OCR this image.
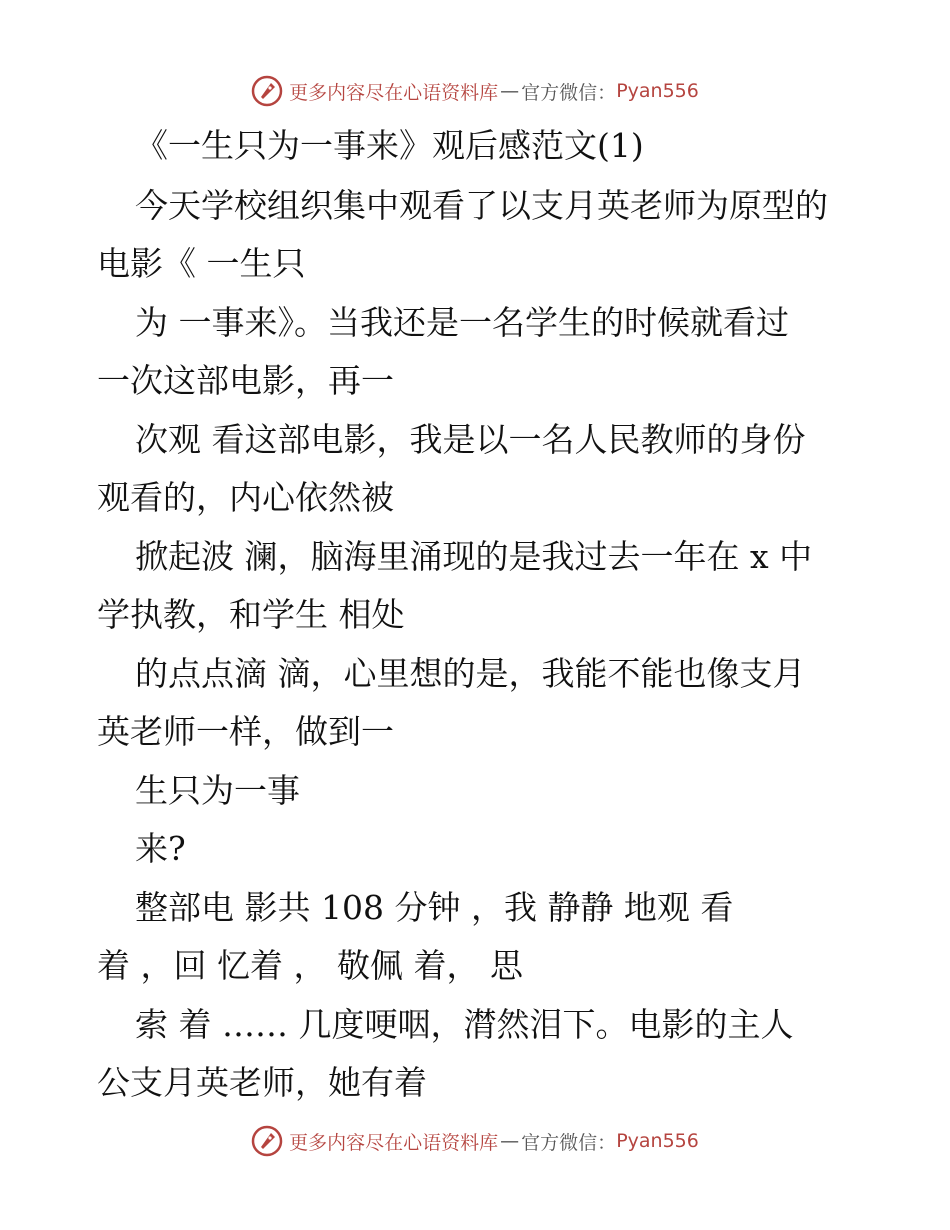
更多内容尽在心语资料库 — 官方微信： Pyan556
《一生只为一事来》观后感范文(1)
今天学校组织集中观看了以支月英老师为原型的
电影《 一生只
为 一事来》。当我还是一名学生的时候就看过
一次这部电影，再一
次观 看这部电影，我是以一名人民教师的身份
观看的，内心依然被
掀起波 澜，脑海里涌现的是我过去一年在 x 中
学执教，和学生 相处
的点点滴 滴，心里想的是，我能不能也像支月
英老师一样，做到一
生只为一事
来?
整部电 影共 108 分钟 ，我 静静 地观 看
着 ，回 忆着 ， 敬佩 着， 思
索 着 …… 几度哽咽，潸然泪下。电影的主人
公支月英老师，她有着
更多内容尽在心语资料库 — 官方微信： Pyan556
